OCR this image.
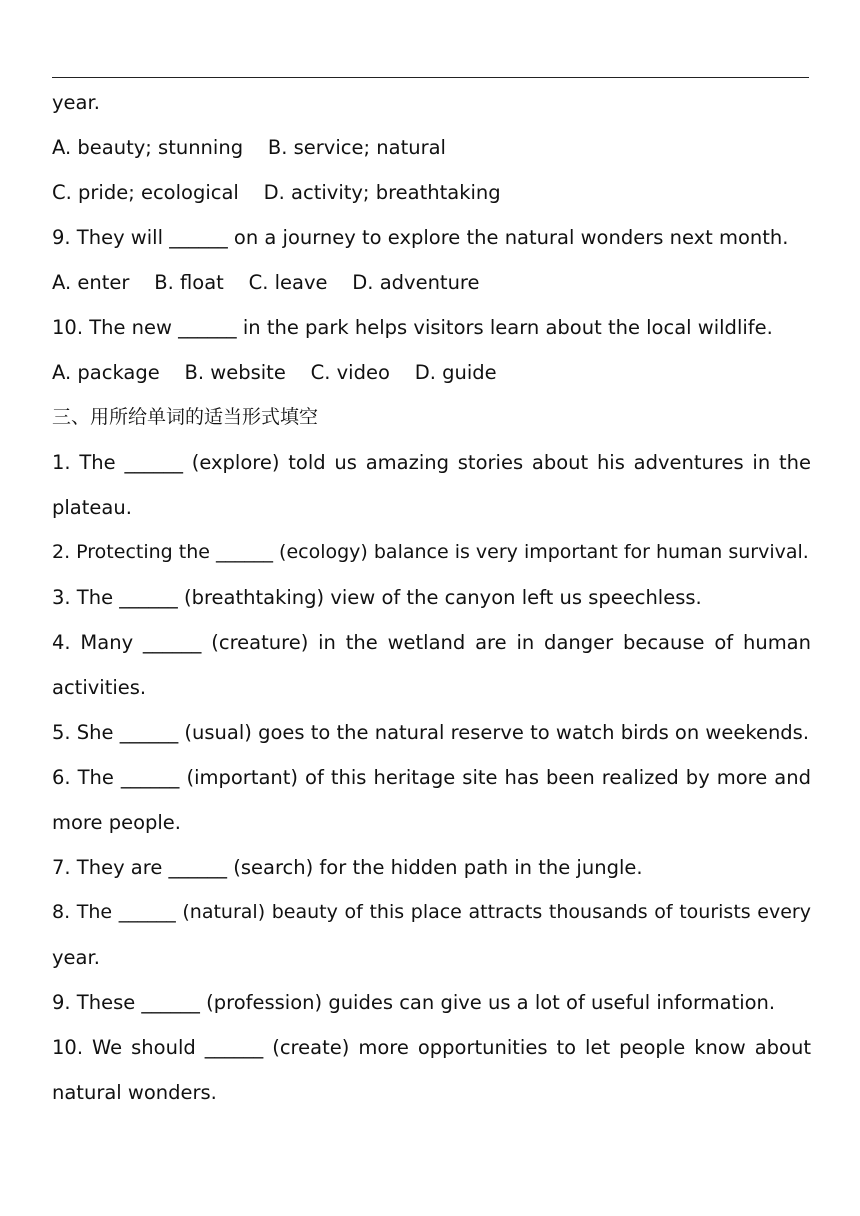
year.
A. beauty; stunning    B. service; natural
C. pride; ecological    D. activity; breathtaking
9. They will ______ on a journey to explore the natural wonders next month.
A. enter    B. float    C. leave    D. adventure
10. The new ______ in the park helps visitors learn about the local wildlife.
A. package    B. website    C. video    D. guide
三、用所给单词的适当形式填空
1. The ______ (explore) told us amazing stories about his adventures in the
plateau.
2. Protecting the ______ (ecology) balance is very important for human survival.
3. The ______ (breathtaking) view of the canyon left us speechless.
4. Many ______ (creature) in the wetland are in danger because of human
activities.
5. She ______ (usual) goes to the natural reserve to watch birds on weekends.
6. The ______ (important) of this heritage site has been realized by more and
more people.
7. They are ______ (search) for the hidden path in the jungle.
8. The ______ (natural) beauty of this place attracts thousands of tourists every
year.
9. These ______ (profession) guides can give us a lot of useful information.
10. We should ______ (create) more opportunities to let people know about
natural wonders.
